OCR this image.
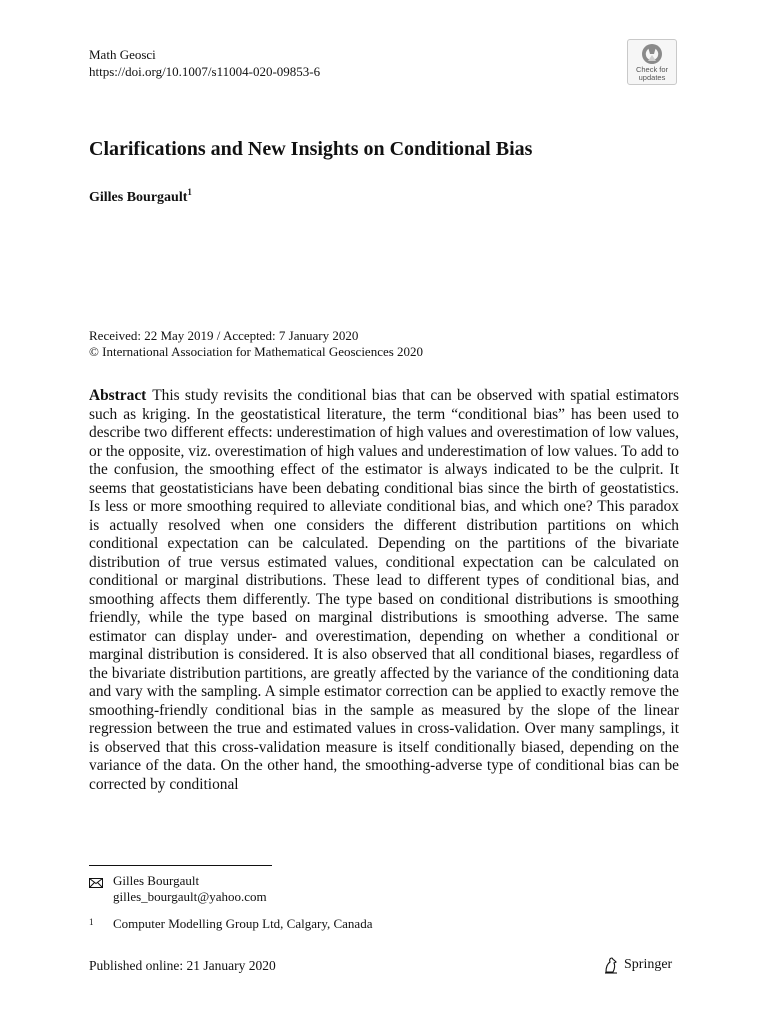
Math Geosci
https://doi.org/10.1007/s11004-020-09853-6	Check for
updates
Clarifications and New Insights on Conditional Bias
Gilles Bourgault$^1$
Received: 22 May 2019 / Accepted: 7 January 2020
© International Association for Mathematical Geosciences 2020

Abstract This study revisits the conditional bias that can be observed with spatial estimators such as kriging. In the geostatistical literature, the term “conditional bias” has been used to describe two different effects: underestimation of high values and overestimation of low values, or the opposite, viz. overestimation of high values and underestimation of low values. To add to the confusion, the smoothing effect of the estimator is always indicated to be the culprit. It seems that geostatisticians have been debating conditional bias since the birth of geostatistics. Is less or more smoothing required to alleviate conditional bias, and which one? This paradox is actually resolved when one considers the different distribution partitions on which conditional expectation can be calculated. Depending on the partitions of the bivariate distribution of true versus estimated values, conditional expectation can be calculated on conditional or marginal distributions. These lead to different types of conditional bias, and smoothing affects them differently. The type based on conditional distributions is smoothing friendly, while the type based on marginal distributions is smoothing adverse. The same estimator can display under- and overestimation, depending on whether a conditional or marginal distribution is considered. It is also observed that all conditional biases, regardless of the bivariate distribution partitions, are greatly affected by the variance of the conditioning data and vary with the sampling. A simple estimator correction can be applied to exactly remove the smoothing-friendly conditional bias in the sample as measured by the slope of the linear regression between the true and estimated values in cross-validation. Over many samplings, it is observed that this cross-validation measure is itself conditionally biased, depending on the variance of the data. On the other hand, the smoothing-adverse type of conditional bias can be corrected by conditional

Gilles Bourgault
gilles_bourgault@yahoo.com
1	Computer Modelling Group Ltd, Calgary, Canada
Published online: 21 January 2020	Springer
